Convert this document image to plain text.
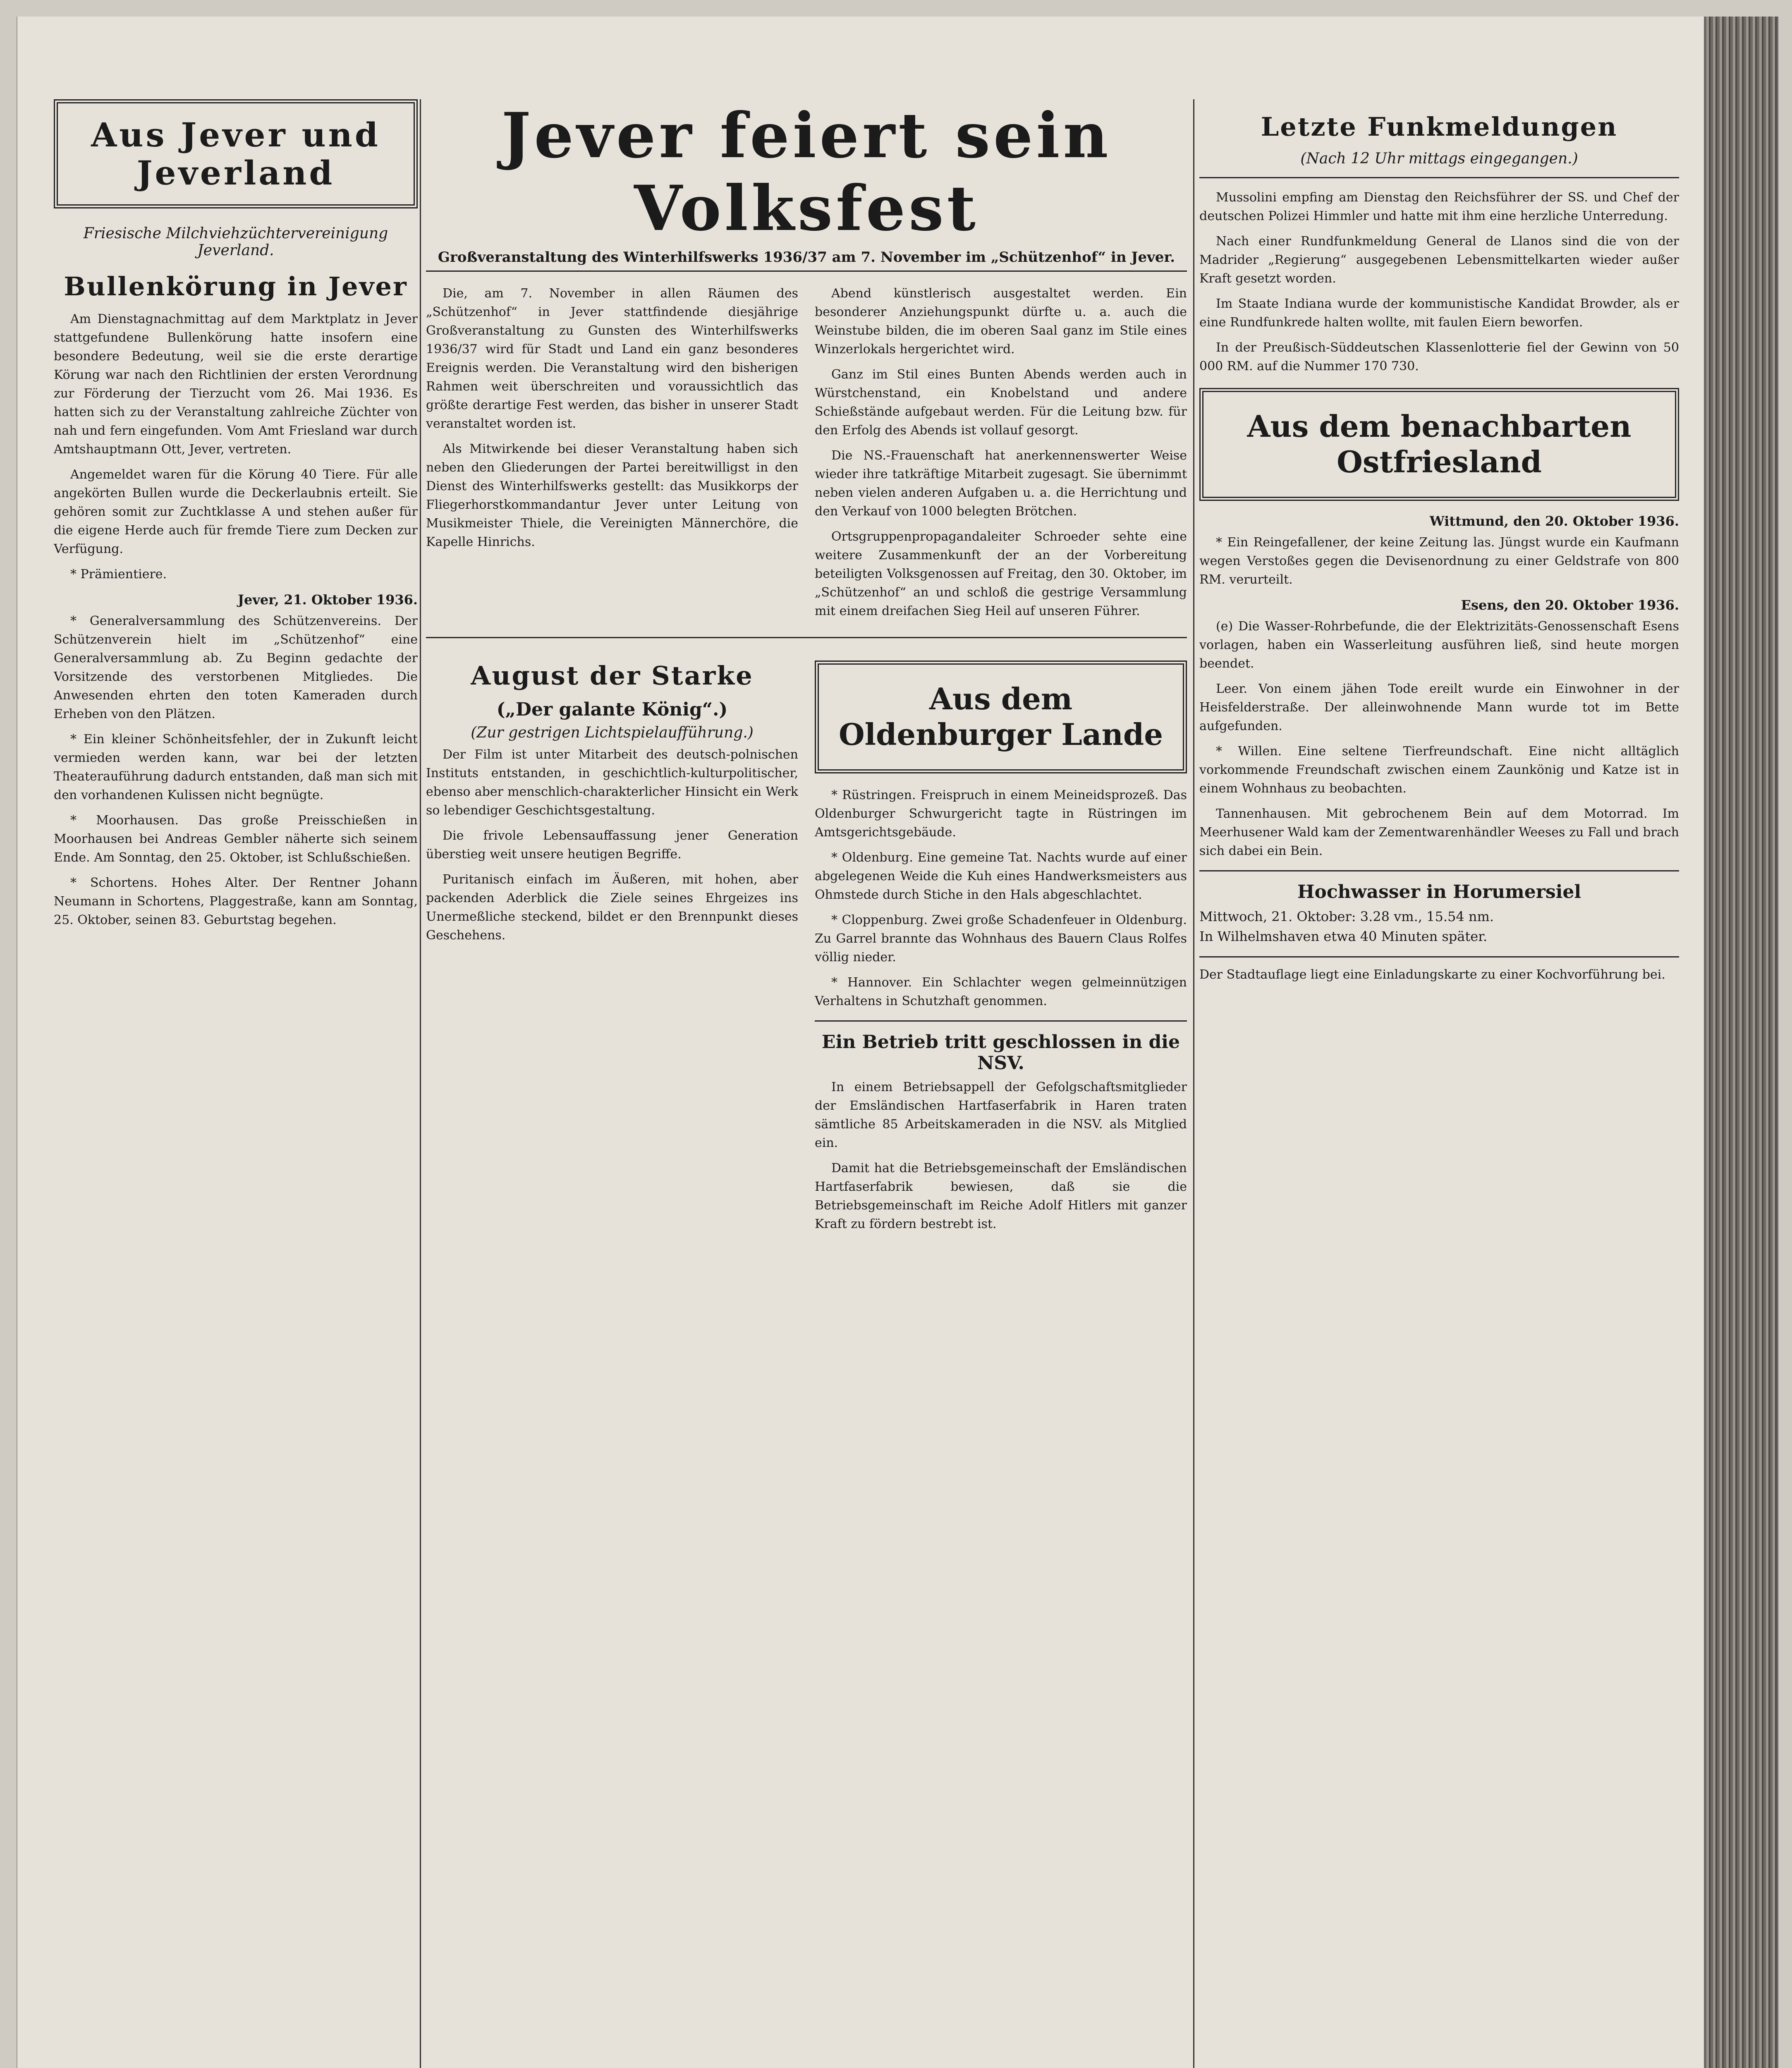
Aus Jever und Jeverland
Friesische Milchviehzüchtervereinigung Jeverland.
Bullenkörung in Jever

Am Dienstagnachmittag auf dem Marktplatz in Jever stattgefundene Bullenkörung hatte insofern eine besondere Bedeutung, weil sie die erste derartige Körung war nach den Richtlinien der ersten Verordnung zur Förderung der Tierzucht vom 26. Mai 1936. Es hatten sich zu der Veranstaltung zahlreiche Züchter von nah und fern eingefunden. Vom Amt Friesland war durch Amtshauptmann Ott, Jever, vertreten.

Angemeldet waren für die Körung 40 Tiere. Für alle angekörten Bullen wurde die Deckerlaubnis erteilt. Sie gehören somit zur Zuchtklasse A und stehen außer für die eigene Herde auch für fremde Tiere zum Decken zur Verfügung.

* Prämientiere.

Jever, 21. Oktober 1936.

* Generalversammlung des Schützenvereins. Der Schützenverein hielt im „Schützenhof“ eine Generalversammlung ab. Zu Beginn gedachte der Vorsitzende des verstorbenen Mitgliedes. Die Anwesenden ehrten den toten Kameraden durch Erheben von den Plätzen.

* Ein kleiner Schönheitsfehler, der in Zukunft leicht vermieden werden kann, war bei der letzten Theaterauführung dadurch entstanden, daß man sich mit den vorhandenen Kulissen nicht begnügte.

* Moorhausen. Das große Preisschießen in Moorhausen bei Andreas Gembler näherte sich seinem Ende. Am Sonntag, den 25. Oktober, ist Schlußschießen.

* Schortens. Hohes Alter. Der Rentner Johann Neumann in Schortens, Plaggestraße, kann am Sonntag, 25. Oktober, seinen 83. Geburtstag begehen.

Jever feiert sein Volksfest
Großveranstaltung des Winterhilfswerks 1936/37 am 7. November im „Schützenhof“ in Jever.

Die, am 7. November in allen Räumen des „Schützenhof“ in Jever stattfindende diesjährige Großveranstaltung zu Gunsten des Winterhilfswerks 1936/37 wird für Stadt und Land ein ganz besonderes Ereignis werden. Die Veranstaltung wird den bisherigen Rahmen weit überschreiten und voraussichtlich das größte derartige Fest werden, das bisher in unserer Stadt veranstaltet worden ist.

Als Mitwirkende bei dieser Veranstaltung haben sich neben den Gliederungen der Partei bereitwilligst in den Dienst des Winterhilfswerks gestellt: das Musikkorps der Fliegerhorstkommandantur Jever unter Leitung von Musikmeister Thiele, die Vereinigten Männerchöre, die Kapelle Hinrichs.

Abend künstlerisch ausgestaltet werden. Ein besonderer Anziehungspunkt dürfte u. a. auch die Weinstube bilden, die im oberen Saal ganz im Stile eines Winzerlokals hergerichtet wird.

Ganz im Stil eines Bunten Abends werden auch in Würstchenstand, ein Knobelstand und andere Schießstände aufgebaut werden. Für die Leitung bzw. für den Erfolg des Abends ist vollauf gesorgt.

Die NS.-Frauenschaft hat anerkennenswerter Weise wieder ihre tatkräftige Mitarbeit zugesagt. Sie übernimmt neben vielen anderen Aufgaben u. a. die Herrichtung und den Verkauf von 1000 belegten Brötchen.

Ortsgruppenpropagandaleiter Schroeder sehte eine weitere Zusammenkunft der an der Vorbereitung beteiligten Volksgenossen auf Freitag, den 30. Oktober, im „Schützenhof“ an und schloß die gestrige Versammlung mit einem dreifachen Sieg Heil auf unseren Führer.

August der Starke
(„Der galante König“.)
(Zur gestrigen Lichtspielaufführung.)

Der Film ist unter Mitarbeit des deutsch-polnischen Instituts entstanden, in geschichtlich-kulturpolitischer, ebenso aber menschlich-charakterlicher Hinsicht ein Werk so lebendiger Geschichtsgestaltung.

Die frivole Lebensauffassung jener Generation überstieg weit unsere heutigen Begriffe.

Puritanisch einfach im Äußeren, mit hohen, aber packenden Aderblick die Ziele seines Ehrgeizes ins Unermeßliche steckend, bildet er den Brennpunkt dieses Geschehens.

Aus dem Oldenburger Lande

* Rüstringen. Freispruch in einem Meineidsprozeß. Das Oldenburger Schwurgericht tagte in Rüstringen im Amtsgerichtsgebäude.

* Oldenburg. Eine gemeine Tat. Nachts wurde auf einer abgelegenen Weide die Kuh eines Handwerksmeisters aus Ohmstede durch Stiche in den Hals abgeschlachtet.

* Cloppenburg. Zwei große Schadenfeuer in Oldenburg. Zu Garrel brannte das Wohnhaus des Bauern Claus Rolfes völlig nieder.

* Hannover. Ein Schlachter wegen gelmeinnützigen Verhaltens in Schutzhaft genommen.

Ein Betrieb tritt geschlossen in die NSV.

In einem Betriebsappell der Gefolgschaftsmitglieder der Emsländischen Hartfaserfabrik in Haren traten sämtliche 85 Arbeitskameraden in die NSV. als Mitglied ein.

Damit hat die Betriebsgemeinschaft der Emsländischen Hartfaserfabrik bewiesen, daß sie die Betriebsgemeinschaft im Reiche Adolf Hitlers mit ganzer Kraft zu fördern bestrebt ist.

Letzte Funkmeldungen
(Nach 12 Uhr mittags eingegangen.)

Mussolini empfing am Dienstag den Reichsführer der SS. und Chef der deutschen Polizei Himmler und hatte mit ihm eine herzliche Unterredung.

Nach einer Rundfunkmeldung General de Llanos sind die von der Madrider „Regierung“ ausgegebenen Lebensmittelkarten wieder außer Kraft gesetzt worden.

Im Staate Indiana wurde der kommunistische Kandidat Browder, als er eine Rundfunkrede halten wollte, mit faulen Eiern beworfen.

In der Preußisch-Süddeutschen Klassenlotterie fiel der Gewinn von 50 000 RM. auf die Nummer 170 730.

Aus dem benachbarten Ostfriesland
Wittmund, den 20. Oktober 1936.

* Ein Reingefallener, der keine Zeitung las. Jüngst wurde ein Kaufmann wegen Verstoßes gegen die Devisenordnung zu einer Geldstrafe von 800 RM. verurteilt.

Esens, den 20. Oktober 1936.

(e) Die Wasser-Rohrbefunde, die der Elektrizitäts-Genossenschaft Esens vorlagen, haben ein Wasserleitung ausführen ließ, sind heute morgen beendet.

Leer. Von einem jähen Tode ereilt wurde ein Einwohner in der Heisfelderstraße. Der alleinwohnende Mann wurde tot im Bette aufgefunden.

* Willen. Eine seltene Tierfreundschaft. Eine nicht alltäglich vorkommende Freundschaft zwischen einem Zaunkönig und Katze ist in einem Wohnhaus zu beobachten.

Tannenhausen. Mit gebrochenem Bein auf dem Motorrad. Im Meerhusener Wald kam der Zementwarenhändler Weeses zu Fall und brach sich dabei ein Bein.

Hochwasser in Horumersiel
Mittwoch, 21. Oktober: 3.28 vm., 15.54 nm.
In Wilhelmshaven etwa 40 Minuten später.
Der Stadtauflage liegt eine Einladungskarte zu einer Kochvorführung bei.
